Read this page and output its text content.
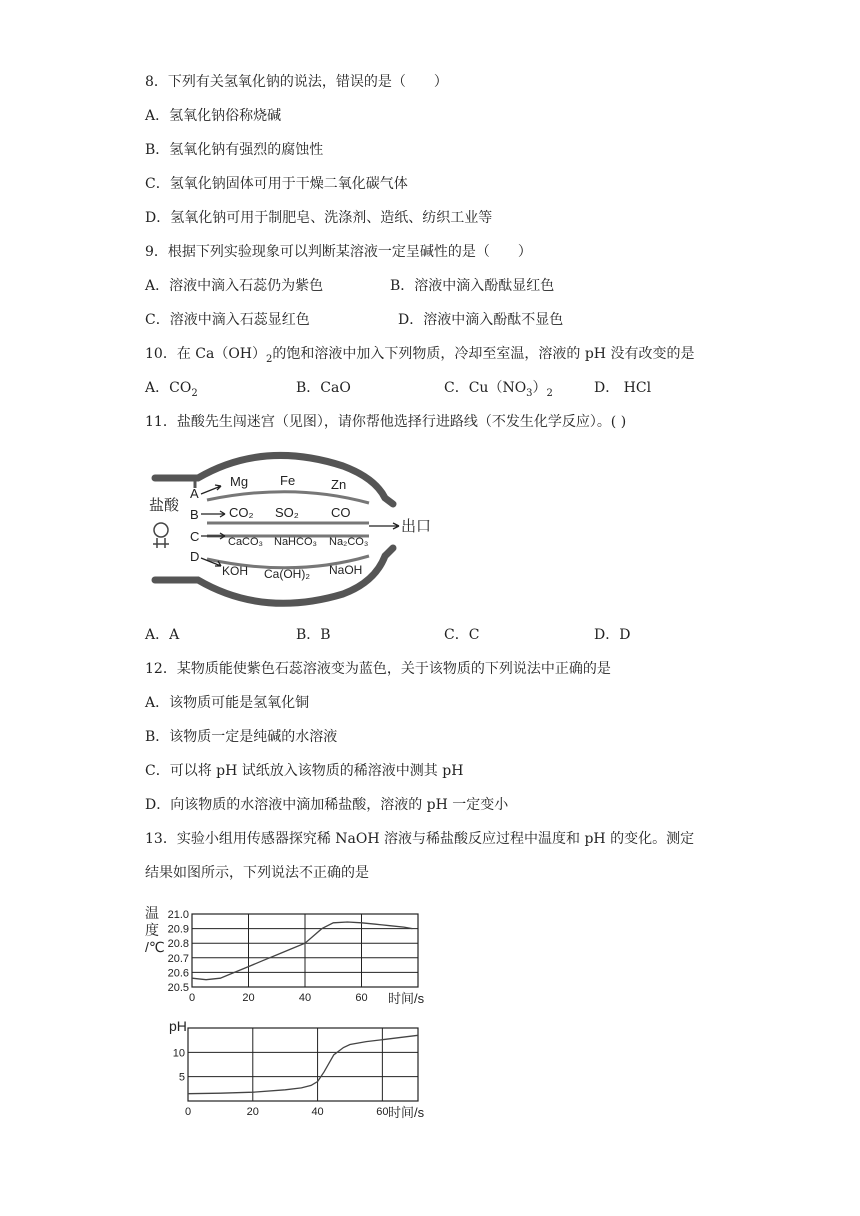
8．下列有关氢氧化钠的说法，错误的是（　　）
A．氢氧化钠俗称烧碱
B．氢氧化钠有强烈的腐蚀性
C．氢氧化钠固体可用于干燥二氧化碳气体
D．氢氧化钠可用于制肥皂、洗涤剂、造纸、纺织工业等
9．根据下列实验现象可以判断某溶液一定呈碱性的是（　　）
A．溶液中滴入石蕊仍为紫色	B．溶液中滴入酚酞显红色
C．溶液中滴入石蕊显红色	D．溶液中滴入酚酞不显色
10．在 $Ca(OH)_2$的饱和溶液中加入下列物质，冷却至室温，溶液的 pH 没有改变的是
A．$CO_2$	B．CaO	C．$Cu(NO_3)_2$	D． HCl
11．盐酸先生闯迷宫（见图），请你帮他选择行进路线（不发生化学反应）。( )
盐酸
A
B
C
D
出口
Mg Fe	Zn
CO₂ SO₂ CO
CaCO₃ NaHCO₃ Na₂CO₃
KOH Ca(OH)₂ NaOH
A．A	B．B	C．C	D．D
12．某物质能使紫色石蕊溶液变为蓝色，关于该物质的下列说法中正确的是
A．该物质可能是氢氧化铜
B．该物质一定是纯碱的水溶液
C．可以将 pH 试纸放入该物质的稀溶液中测其 pH
D．向该物质的水溶液中滴加稀盐酸，溶液的 pH 一定变小
13．实验小组用传感器探究稀 NaOH 溶液与稀盐酸反应过程中温度和 pH 的变化。测定
结果如图所示，下列说法不正确的是
20.5
20.6
20.7
20.8
20.9
21.0
0	20	40	60 时间/s
温
度
/℃
5
10
0	20	40	60 时间/s
pH
